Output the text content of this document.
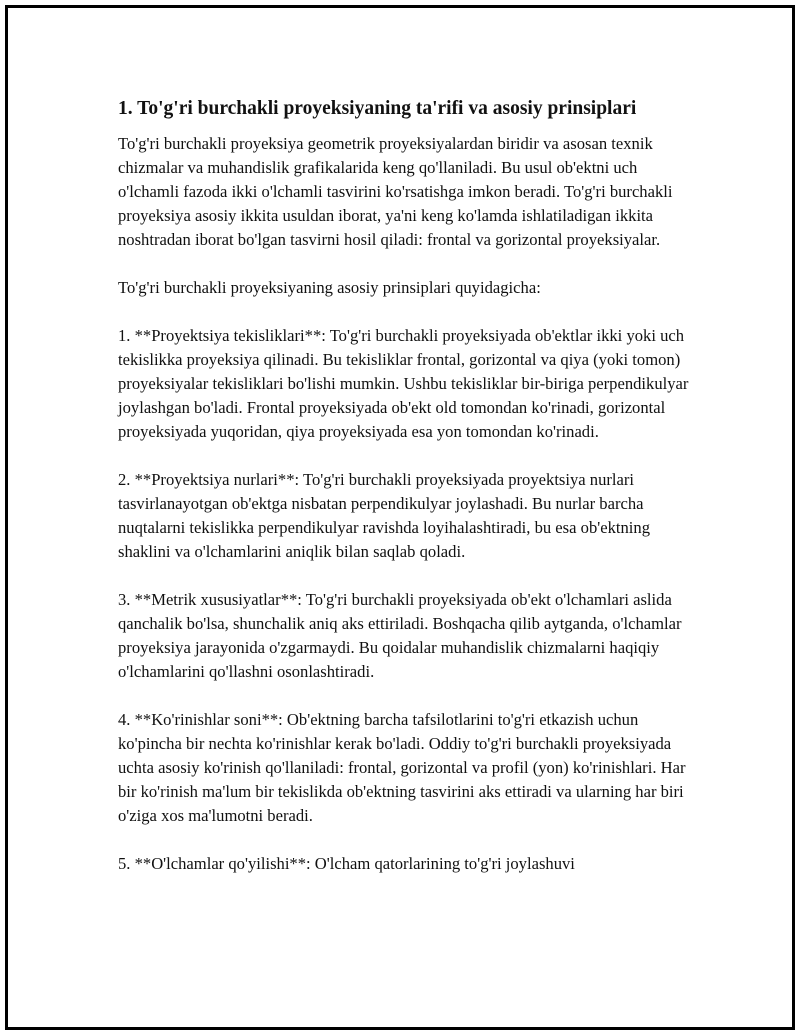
1. To'g'ri burchakli proyeksiyaning ta'rifi va asosiy prinsiplari

To'g'ri burchakli proyeksiya geometrik proyeksiyalardan biridir va asosan texnik chizmalar va muhandislik grafikalarida keng qo'llaniladi. Bu usul ob'ektni uch o'lchamli fazoda ikki o'lchamli tasvirini ko'rsatishga imkon beradi. To'g'ri burchakli proyeksiya asosiy ikkita usuldan iborat, ya'ni keng ko'lamda ishlatiladigan ikkita noshtradan iborat bo'lgan tasvirni hosil qiladi: frontal va gorizontal proyeksiyalar.

To'g'ri burchakli proyeksiyaning asosiy prinsiplari quyidagicha:

1. **Proyektsiya tekisliklari**: To'g'ri burchakli proyeksiyada ob'ektlar ikki yoki uch tekislikka proyeksiya qilinadi. Bu tekisliklar frontal, gorizontal va qiya (yoki tomon) proyeksiyalar tekisliklari bo'lishi mumkin. Ushbu tekisliklar bir-biriga perpendikulyar joylashgan bo'ladi. Frontal proyeksiyada ob'ekt old tomondan ko'rinadi, gorizontal proyeksiyada yuqoridan, qiya proyeksiyada esa yon tomondan ko'rinadi.

2. **Proyektsiya nurlari**: To'g'ri burchakli proyeksiyada proyektsiya nurlari tasvirlanayotgan ob'ektga nisbatan perpendikulyar joylashadi. Bu nurlar barcha nuqtalarni tekislikka perpendikulyar ravishda loyihalashtiradi, bu esa ob'ektning shaklini va o'lchamlarini aniqlik bilan saqlab qoladi.

3. **Metrik xususiyatlar**: To'g'ri burchakli proyeksiyada ob'ekt o'lchamlari aslida qanchalik bo'lsa, shunchalik aniq aks ettiriladi. Boshqacha qilib aytganda, o'lchamlar proyeksiya jarayonida o'zgarmaydi. Bu qoidalar muhandislik chizmalarni haqiqiy o'lchamlarini qo'llashni osonlashtiradi.

4. **Ko'rinishlar soni**: Ob'ektning barcha tafsilotlarini to'g'ri etkazish uchun ko'pincha bir nechta ko'rinishlar kerak bo'ladi. Oddiy to'g'ri burchakli proyeksiyada uchta asosiy ko'rinish qo'llaniladi: frontal, gorizontal va profil (yon) ko'rinishlari. Har bir ko'rinish ma'lum bir tekislikda ob'ektning tasvirini aks ettiradi va ularning har biri o'ziga xos ma'lumotni beradi.

5. **O'lchamlar qo'yilishi**: O'lcham qatorlarining to'g'ri joylashuvi
